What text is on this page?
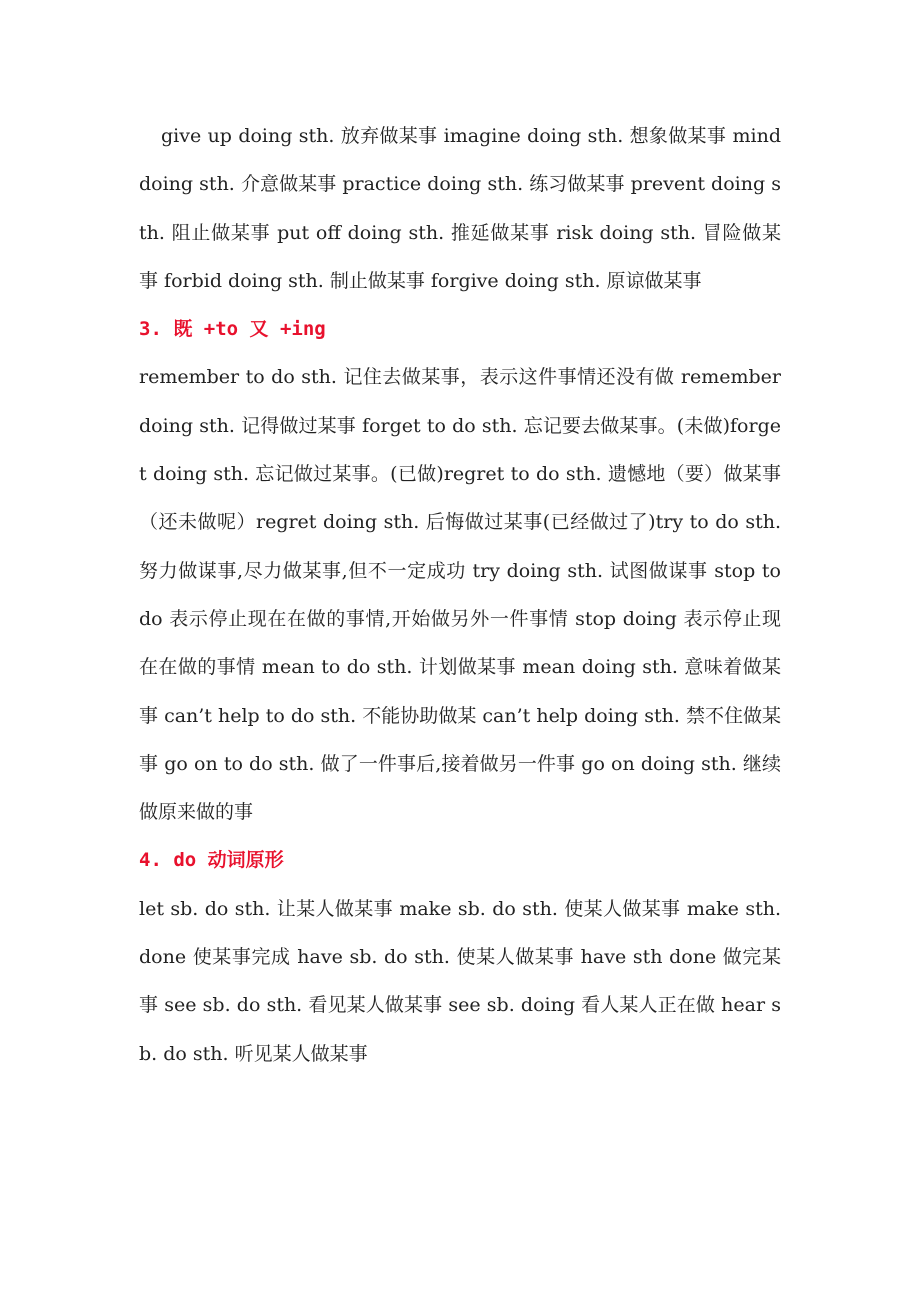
give up doing sth. 放弃做某事 imagine doing sth. 想象做某事 mind doing sth. 介意做某事 practice doing sth. 练习做某事 prevent doing sth. 阻止做某事 put off doing sth. 推延做某事 risk doing sth. 冒险做某事 forbid doing sth. 制止做某事 forgive doing sth. 原谅做某事

3. 既 +to 又 +ing

remember to do sth. 记住去做某事，表示这件事情还没有做 remember doing sth. 记得做过某事 forget to do sth. 忘记要去做某事。(未做)forget doing sth. 忘记做过某事。(已做)regret to do sth. 遗憾地（要）做某事 （还未做呢）regret doing sth. 后悔做过某事(已经做过了)try to do sth. 努力做谋事,尽力做某事,但不一定成功 try doing sth. 试图做谋事 stop to do 表示停止现在在做的事情,开始做另外一件事情 stop doing 表示停止现在在做的事情 mean to do sth. 计划做某事 mean doing sth. 意味着做某事 can’t help to do sth. 不能协助做某 can’t help doing sth. 禁不住做某事 go on to do sth. 做了一件事后,接着做另一件事 go on doing sth. 继续做原来做的事

4. do 动词原形

let sb. do sth. 让某人做某事 make sb. do sth. 使某人做某事 make sth. done 使某事完成 have sb. do sth. 使某人做某事 have sth done 做完某事 see sb. do sth. 看见某人做某事 see sb. doing 看人某人正在做 hear sb. do sth. 听见某人做某事
